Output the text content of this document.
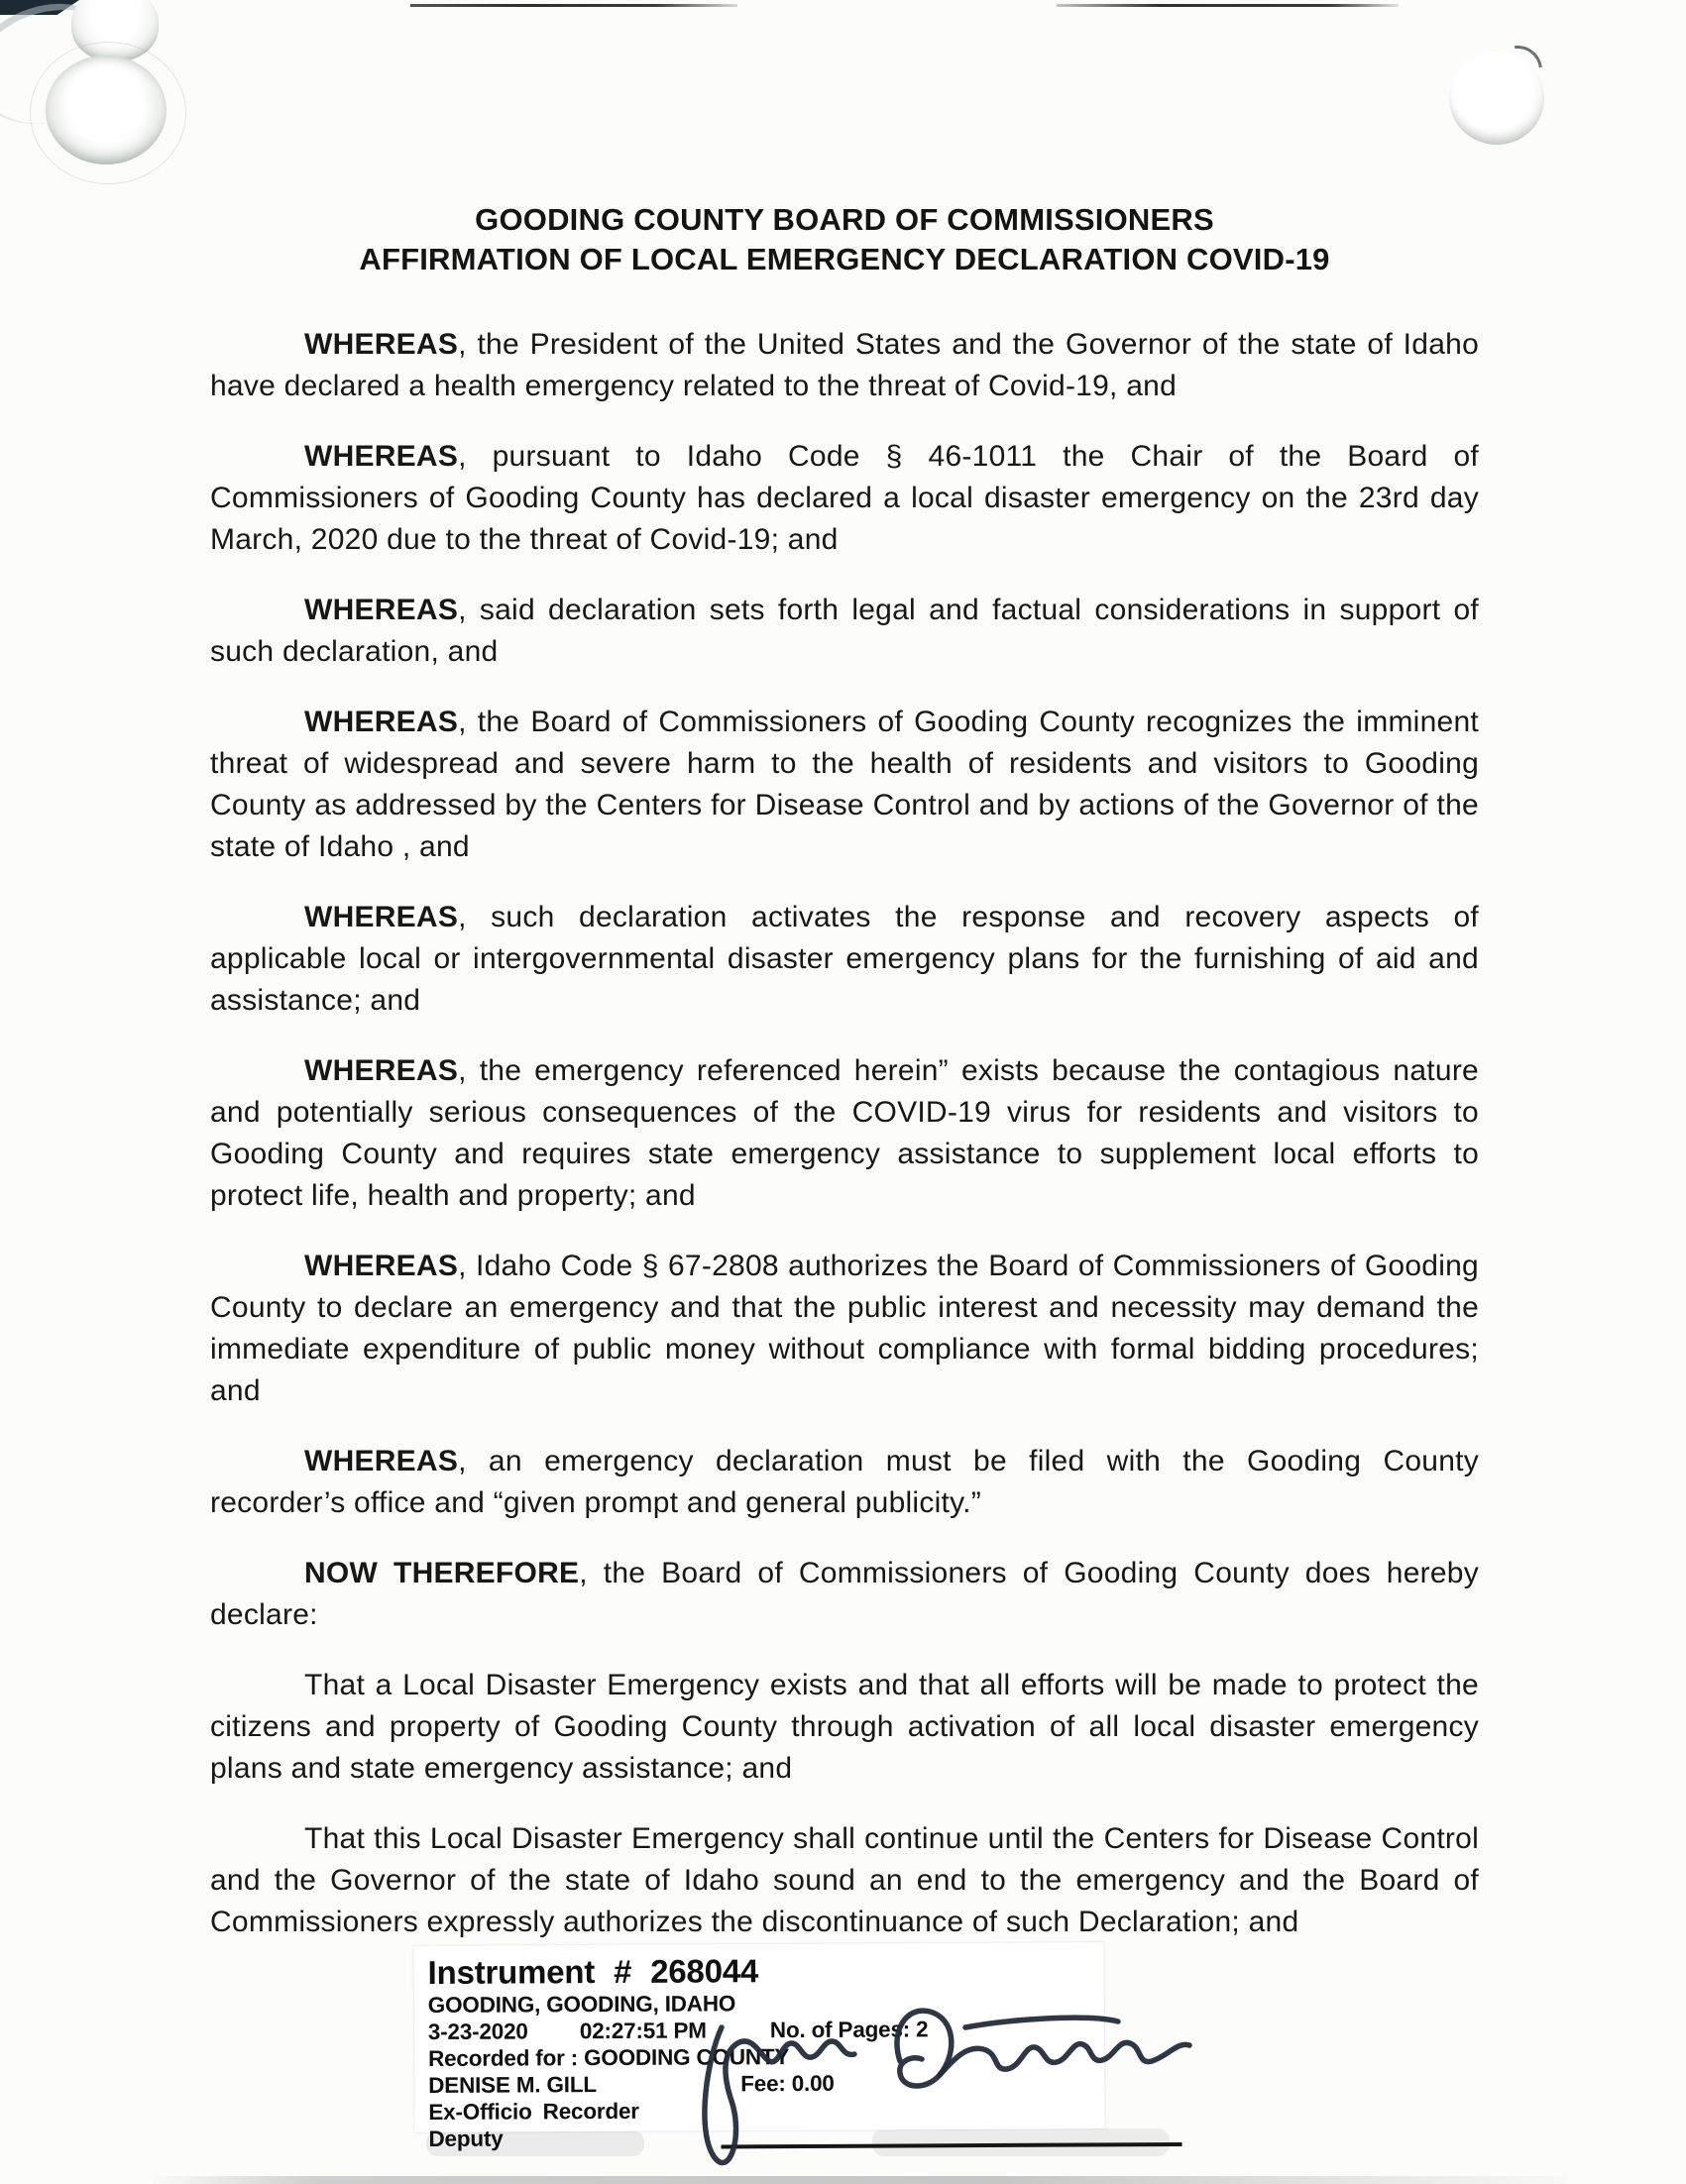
GOODING COUNTY BOARD OF COMMISSIONERS
AFFIRMATION OF LOCAL EMERGENCY DECLARATION COVID-19

WHEREAS, the President of the United States and the Governor of the state of Idaho have declared a health emergency related to the threat of Covid-19, and

WHEREAS, pursuant to Idaho Code § 46-1011 the Chair of the Board of Commissioners of Gooding County has declared a local disaster emergency on the 23rd day March, 2020 due to the threat of Covid-19; and

WHEREAS, said declaration sets forth legal and factual considerations in support of such declaration, and

WHEREAS, the Board of Commissioners of Gooding County recognizes the imminent threat of widespread and severe harm to the health of residents and visitors to Gooding County as addressed by the Centers for Disease Control and by actions of the Governor of the state of Idaho , and

WHEREAS, such declaration activates the response and recovery aspects of applicable local or intergovernmental disaster emergency plans for the furnishing of aid and assistance; and

WHEREAS, the emergency referenced herein” exists because the contagious nature and potentially serious consequences of the COVID-19 virus for residents and visitors to Gooding County and requires state emergency assistance to supplement local efforts to protect life, health and property; and

WHEREAS, Idaho Code § 67-2808 authorizes the Board of Commissioners of Gooding County to declare an emergency and that the public interest and necessity may demand the immediate expenditure of public money without compliance with formal bidding procedures; and

WHEREAS, an emergency declaration must be filed with the Gooding County recorder’s office and “given prompt and general publicity.”

NOW THEREFORE, the Board of Commissioners of Gooding County does hereby declare:

That a Local Disaster Emergency exists and that all efforts will be made to protect the citizens and property of Gooding County through activation of all local disaster emergency plans and state emergency assistance; and

That this Local Disaster Emergency shall continue until the Centers for Disease Control and the Governor of the state of Idaho sound an end to the emergency and the Board of Commissioners expressly authorizes the discontinuance of such Declaration; and

Instrument # 268044
GOODING, GOODING, IDAHO
3-23-2020 02:27:51 PM	No. of Pages: 2
Recorded for : GOODING COUNTY
DENISE M. GILL	Fee: 0.00
Ex-Officio Recorder Deputy
